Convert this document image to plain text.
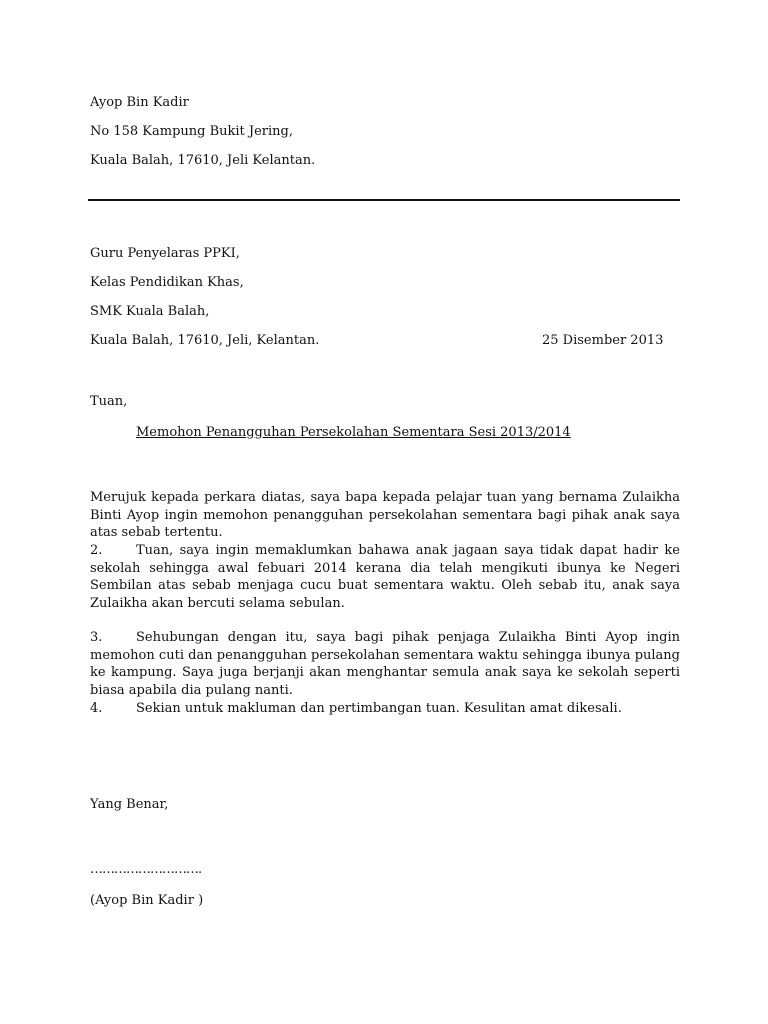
Ayop Bin Kadir
No 158 Kampung Bukit Jering,
Kuala Balah, 17610, Jeli Kelantan.
Guru Penyelaras PPKI,
Kelas Pendidikan Khas,
SMK Kuala Balah,
Kuala Balah, 17610, Jeli, Kelantan.	25 Disember 2013
Tuan,
Memohon Penangguhan Persekolahan Sementara Sesi 2013/2014
Merujuk kepada perkara diatas, saya bapa kepada pelajar tuan yang bernama Zulaikha Binti Ayop ingin memohon penangguhan persekolahan sementara bagi pihak anak saya atas sebab tertentu.
2.	Tuan, saya ingin memaklumkan bahawa anak jagaan saya tidak dapat hadir ke sekolah sehingga awal febuari 2014 kerana dia telah mengikuti ibunya ke Negeri Sembilan atas sebab menjaga cucu buat sementara waktu. Oleh sebab itu, anak saya Zulaikha akan bercuti selama sebulan.
3.	Sehubungan dengan itu, saya bagi pihak penjaga Zulaikha Binti Ayop ingin memohon cuti dan penangguhan persekolahan sementara waktu sehingga ibunya pulang ke kampung. Saya juga berjanji akan menghantar semula anak saya ke sekolah seperti biasa apabila dia pulang nanti.
4.	Sekian untuk makluman dan pertimbangan tuan. Kesulitan amat dikesali.
Yang Benar,
……………………….
(Ayop Bin Kadir )
